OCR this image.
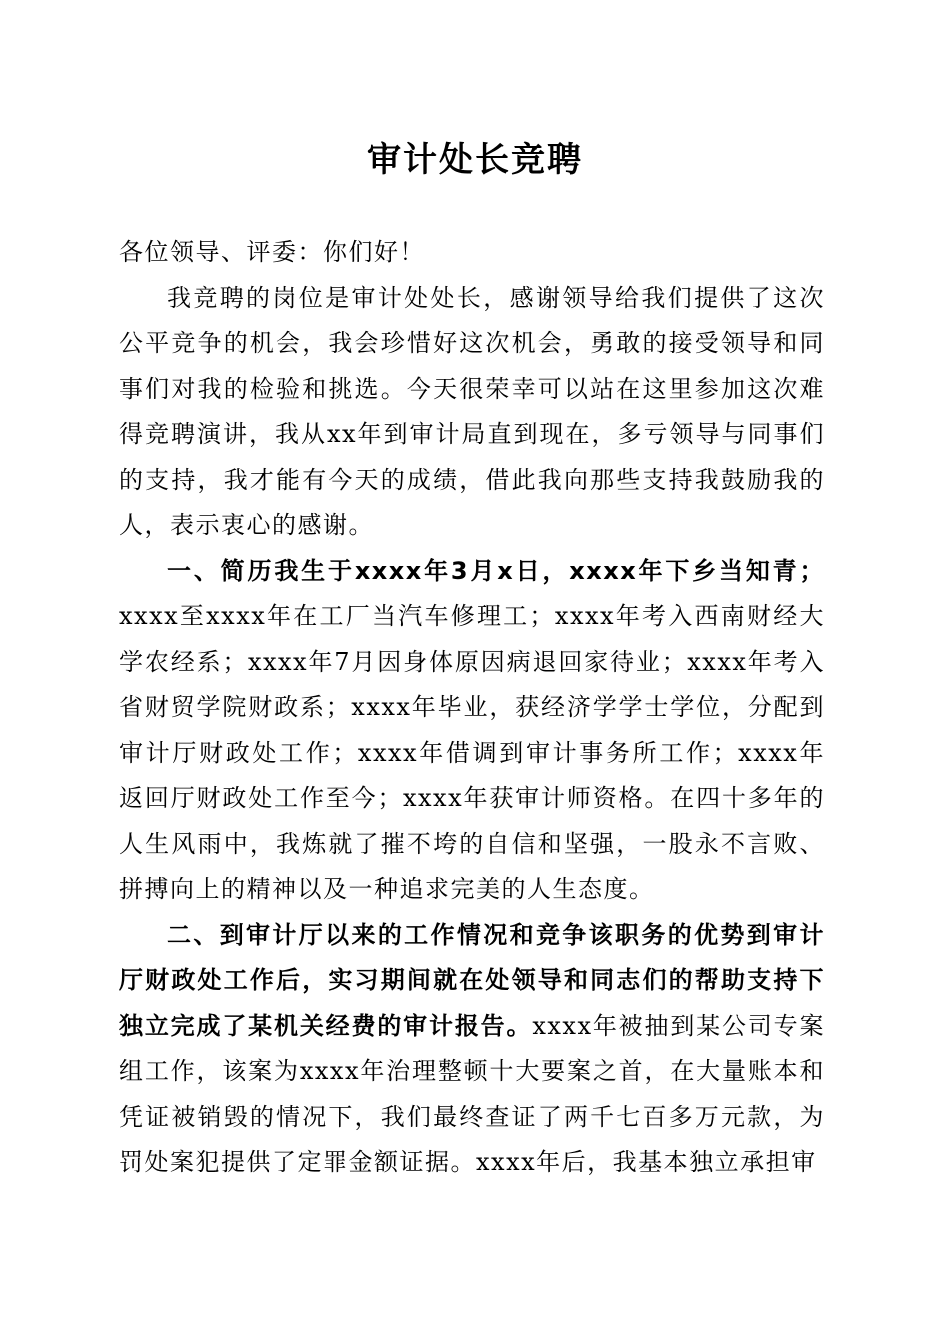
审计处长竞聘

各位领导、评委：你们好！

我竞聘的岗位是审计处处长，感谢领导给我们提供了这次公平竞争的机会，我会珍惜好这次机会，勇敢的接受领导和同事们对我的检验和挑选。今天很荣幸可以站在这里参加这次难得竞聘演讲，我从xx年到审计局直到现在，多亏领导与同事们的支持，我才能有今天的成绩，借此我向那些支持我鼓励我的人，表示衷心的感谢。

一、简历我生于xxxx年3月x日，xxxx年下乡当知青；xxxx至xxxx年在工厂当汽车修理工；xxxx年考入西南财经大学农经系；xxxx年7月因身体原因病退回家待业；xxxx年考入省财贸学院财政系；xxxx年毕业，获经济学学士学位，分配到审计厅财政处工作；xxxx年借调到审计事务所工作；xxxx年返回厅财政处工作至今；xxxx年获审计师资格。在四十多年的人生风雨中，我炼就了摧不垮的自信和坚强，一股永不言败、拼搏向上的精神以及一种追求完美的人生态度。

二、到审计厅以来的工作情况和竞争该职务的优势到审计厅财政处工作后，实习期间就在处领导和同志们的帮助支持下独立完成了某机关经费的审计报告。xxxx年被抽到某公司专案组工作，该案为xxxx年治理整顿十大要案之首，在大量账本和凭证被销毁的情况下，我们最终查证了两千七百多万元款，为罚处案犯提供了定罪金额证据。xxxx年后，我基本独立承担审
